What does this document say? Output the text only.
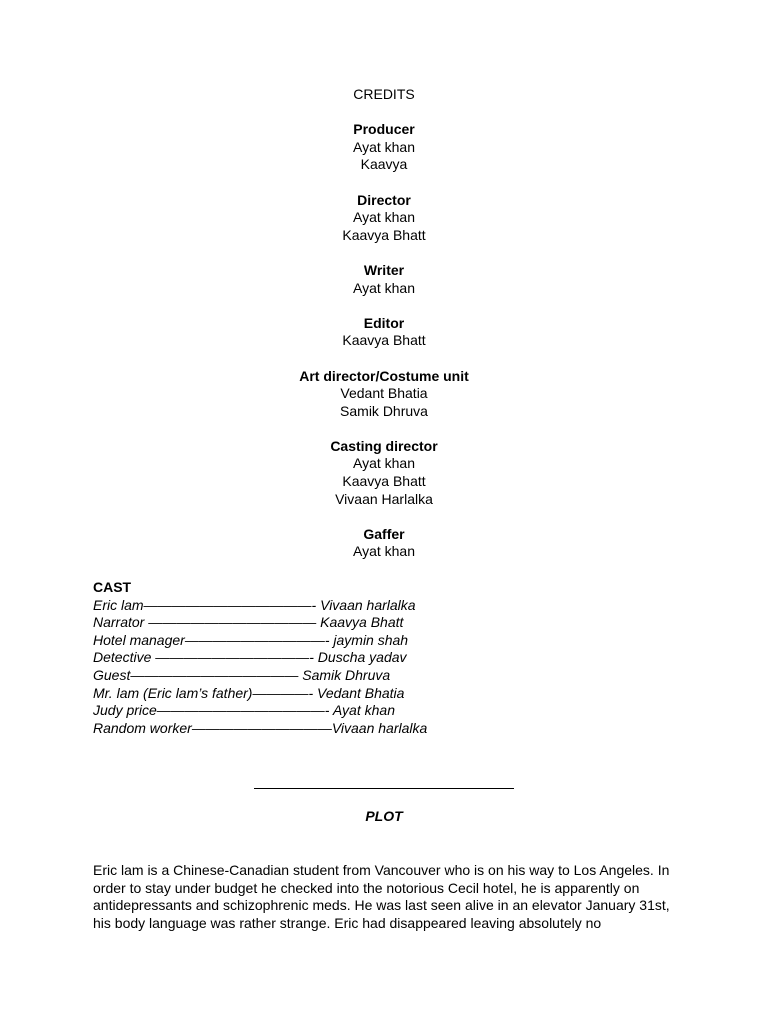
CREDITS
Producer
Ayat khan
Kaavya
Director
Ayat khan
Kaavya Bhatt
Writer
Ayat khan
Editor
Kaavya Bhatt
Art director/Costume unit
Vedant Bhatia
Samik Dhruva
Casting director
Ayat khan
Kaavya Bhatt
Vivaan Harlalka
Gaffer
Ayat khan
CAST
Eric lam————————————- Vivaan harlalka
Narrator ———————————— Kaavya Bhatt
Hotel manager——————————- jaymin shah
Detective ———————————- Duscha yadav
Guest———————————— Samik Dhruva
Mr. lam (Eric lam’s father)————- Vedant Bhatia
Judy price————————————- Ayat khan
Random worker——————————Vivaan harlalka
PLOT

Eric lam is a Chinese-Canadian student from Vancouver who is on his way to Los Angeles. In order to stay under budget he checked into the notorious Cecil hotel, he is apparently on antidepressants and schizophrenic meds. He was last seen alive in an elevator January 31st, his body language was rather strange. Eric had disappeared leaving absolutely no
